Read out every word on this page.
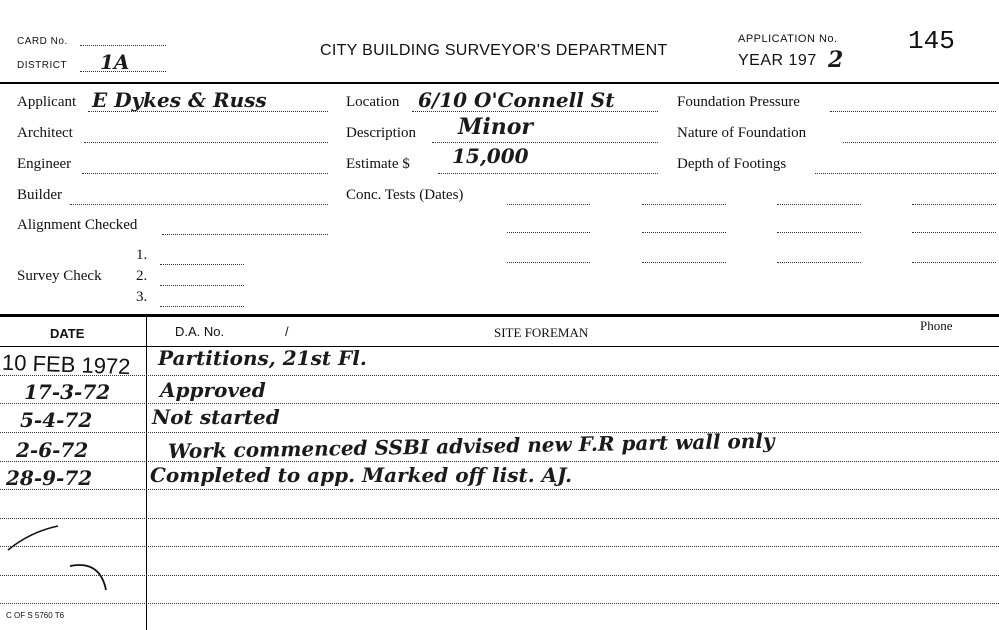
CARD No.
DISTRICT 1A	CITY BUILDING SURVEYOR'S DEPARTMENT
APPLICATION No.	145
YEAR 197 2
Applicant E Dykes & Russ
Architect
Engineer
Builder
Alignment Checked
Survey Check
1.
2.
3.
Location 6/10 O'Connell St
Description Minor
Estimate $ 15,000
Conc. Tests (Dates)
Foundation Pressure
Nature of Foundation
Depth of Footings
DATE	D.A. No.	/	SITE FOREMAN	Phone
10 FEB 1972 Partitions, 21st Fl.
17-3-72 Approved
5-4-72	Not started
2-6-72	Work commenced SSBI advised new F.R part wall only
28-9-72	Completed to app. Marked off list. AJ.
C OF S 5760 T6
